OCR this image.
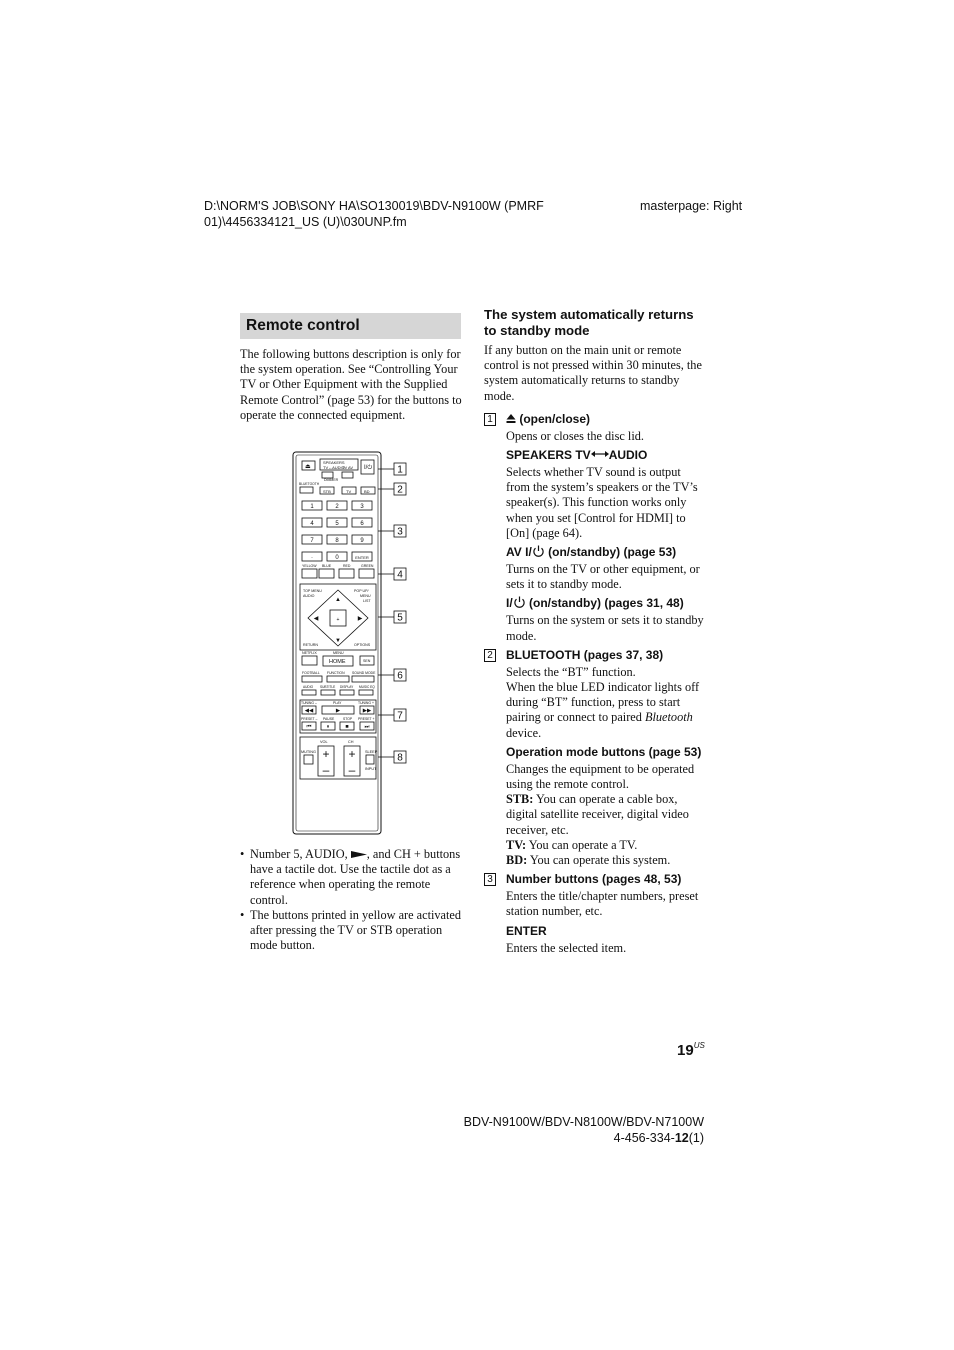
D:\NORM'S JOB\SONY HA\SO130019\BDV-N9100W (PMRF 01)\4456334121_US (U)\030UNP.fm
masterpage: Right
Remote control

The following buttons description is only for the system operation. See “Controlling Your TV or Other Equipment with the Supplied Remote Control” (page 53) for the buttons to operate the connected equipment.

SPEAKERS
TV↔AUDIO
TV AV I/⏻
DIMMER
⏏
BLUETOOTH
STB	TV	BD
1	2	3
4	5	6
7	8	9
·	0	ENTER
YELLOW BLUE	RED	GREEN
▲
▼
◀	▶
+
TOP MENU
AUDIO
POP UP/
MENU
LIST
RETURN	OPTIONS
NETFLIX	MENU
HOME	SEN
FOOTBALL FUNCTION SOUND MODE
AUDIO SUBTITLE DISPLAY MUSIC EQ
TUNING –	PLAY	TUNING +
PRESET – PAUSE	STOP PRESET +
◀◀	▶	▶▶
⏮	⏸	■	⏭
VOL	CH
MUTING	SLEEP
INPUT
+ +
– –
1
2
3
4
5
6
7
8
• Number 5, AUDIO, , and CH + buttons have a tactile dot. Use the tactile dot as a reference when operating the remote control.
• The buttons printed in yellow are activated after pressing the TV or STB operation mode button.
The system automatically returns to standby mode

If any button on the main unit or remote control is not pressed within 30 minutes, the system automatically returns to standby mode.

1	(open/close)

Opens or closes the disc lid.

SPEAKERS TV AUDIO

Selects whether TV sound is output from the system’s speakers or the TV’s speaker(s). This function works only when you set [Control for HDMI] to [On] (page 64).

AV I/ (on/standby) (page 53)

Turns on the TV or other equipment, or sets it to standby mode.

I/ (on/standby) (pages 31, 48)

Turns on the system or sets it to standby mode.

2 BLUETOOTH (pages 37, 38)

Selects the “BT” function.

When the blue LED indicator lights off during “BT” function, press to start pairing or connect to paired Bluetooth device.

Operation mode buttons (page 53)

Changes the equipment to be operated using the remote control.

STB: You can operate a cable box, digital satellite receiver, digital video receiver, etc.

TV: You can operate a TV.

BD: You can operate this system.

3 Number buttons (pages 48, 53)

Enters the title/chapter numbers, preset station number, etc.

ENTER

Enters the selected item.

$19^{US}$
BDV-N9100W/BDV-N8100W/BDV-N7100W
4-456-334-12(1)
